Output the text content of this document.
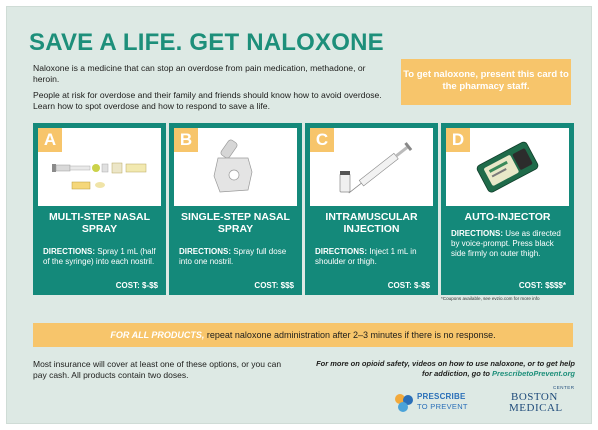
SAVE A LIFE. GET NALOXONE

Naloxone is a medicine that can stop an overdose from pain medication, methadone, or heroin.

People at risk for overdose and their family and friends should know how to avoid overdose. Learn how to spot overdose and how to respond to save a life.

To get naloxone, present this card to the pharmacy staff.
A
MULTI-STEP NASAL SPRAY
DIRECTIONS: Spray 1 mL (half of the syringe) into each nostril.
COST: $-$$
B
SINGLE-STEP NASAL SPRAY
DIRECTIONS: Spray full dose into one nostril.
COST: $$$
C
INTRAMUSCULAR INJECTION
DIRECTIONS: Inject 1 mL in shoulder or thigh.
COST: $-$$
D
AUTO-INJECTOR
DIRECTIONS: Use as directed by voice-prompt. Press black side firmly on outer thigh.
COST: $$$$*
*Coupons available, see evzio.com for more info
FOR ALL PRODUCTS, repeat naloxone administration after 2–3 minutes if there is no response.
Most insurance will cover at least one of these options, or you can pay cash. All products contain two doses.
For more on opioid safety, videos on how to use naloxone, or to get help for addiction, go to PrescribetoPrevent.org
PRESCRIBE
TO PREVENT
CENTER
BOSTON
MEDICAL
